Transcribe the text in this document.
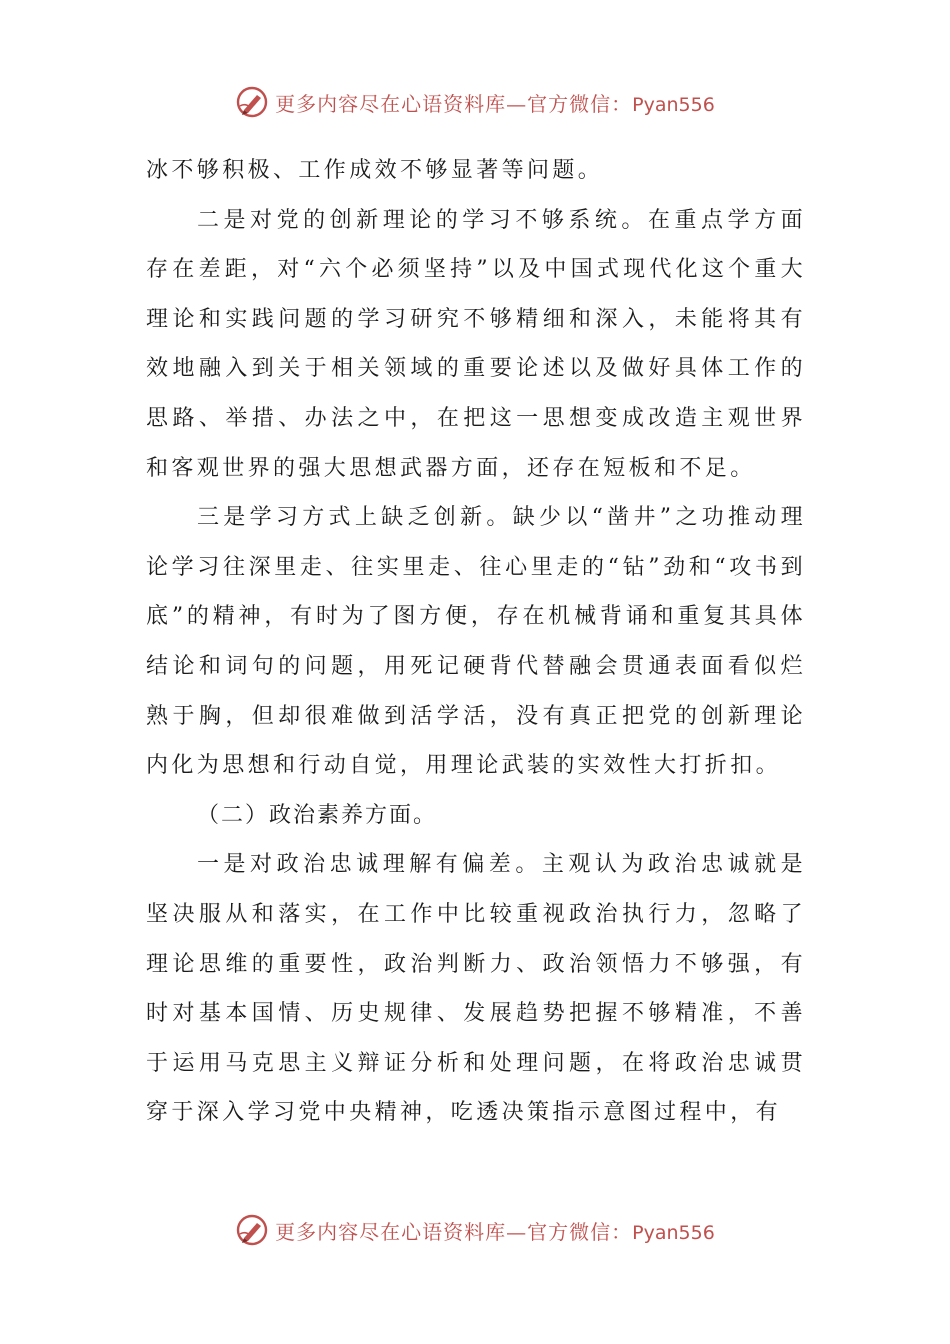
更多内容尽在心语资料库—官方微信：Pyan556

冰不够积极、工作成效不够显著等问题。

二是对党的创新理论的学习不够系统。在重点学方面存在差距，对“六个必须坚持”以及中国式现代化这个重大理论和实践问题的学习研究不够精细和深入，未能将其有效地融入到关于相关领域的重要论述以及做好具体工作的思路、举措、办法之中，在把这一思想变成改造主观世界和客观世界的强大思想武器方面，还存在短板和不足。

三是学习方式上缺乏创新。缺少以“凿井”之功推动理论学习往深里走、往实里走、往心里走的“钻”劲和“攻书到底”的精神，有时为了图方便，存在机械背诵和重复其具体结论和词句的问题，用死记硬背代替融会贯通表面看似烂熟于胸，但却很难做到活学活，没有真正把党的创新理论内化为思想和行动自觉，用理论武装的实效性大打折扣。

（二）政治素养方面。

一是对政治忠诚理解有偏差。主观认为政治忠诚就是坚决服从和落实，在工作中比较重视政治执行力，忽略了理论思维的重要性，政治判断力、政治领悟力不够强，有时对基本国情、历史规律、发展趋势把握不够精准，不善于运用马克思主义辩证分析和处理问题，在将政治忠诚贯穿于深入学习党中央精神，吃透决策指示意图过程中，有

更多内容尽在心语资料库—官方微信：Pyan556
